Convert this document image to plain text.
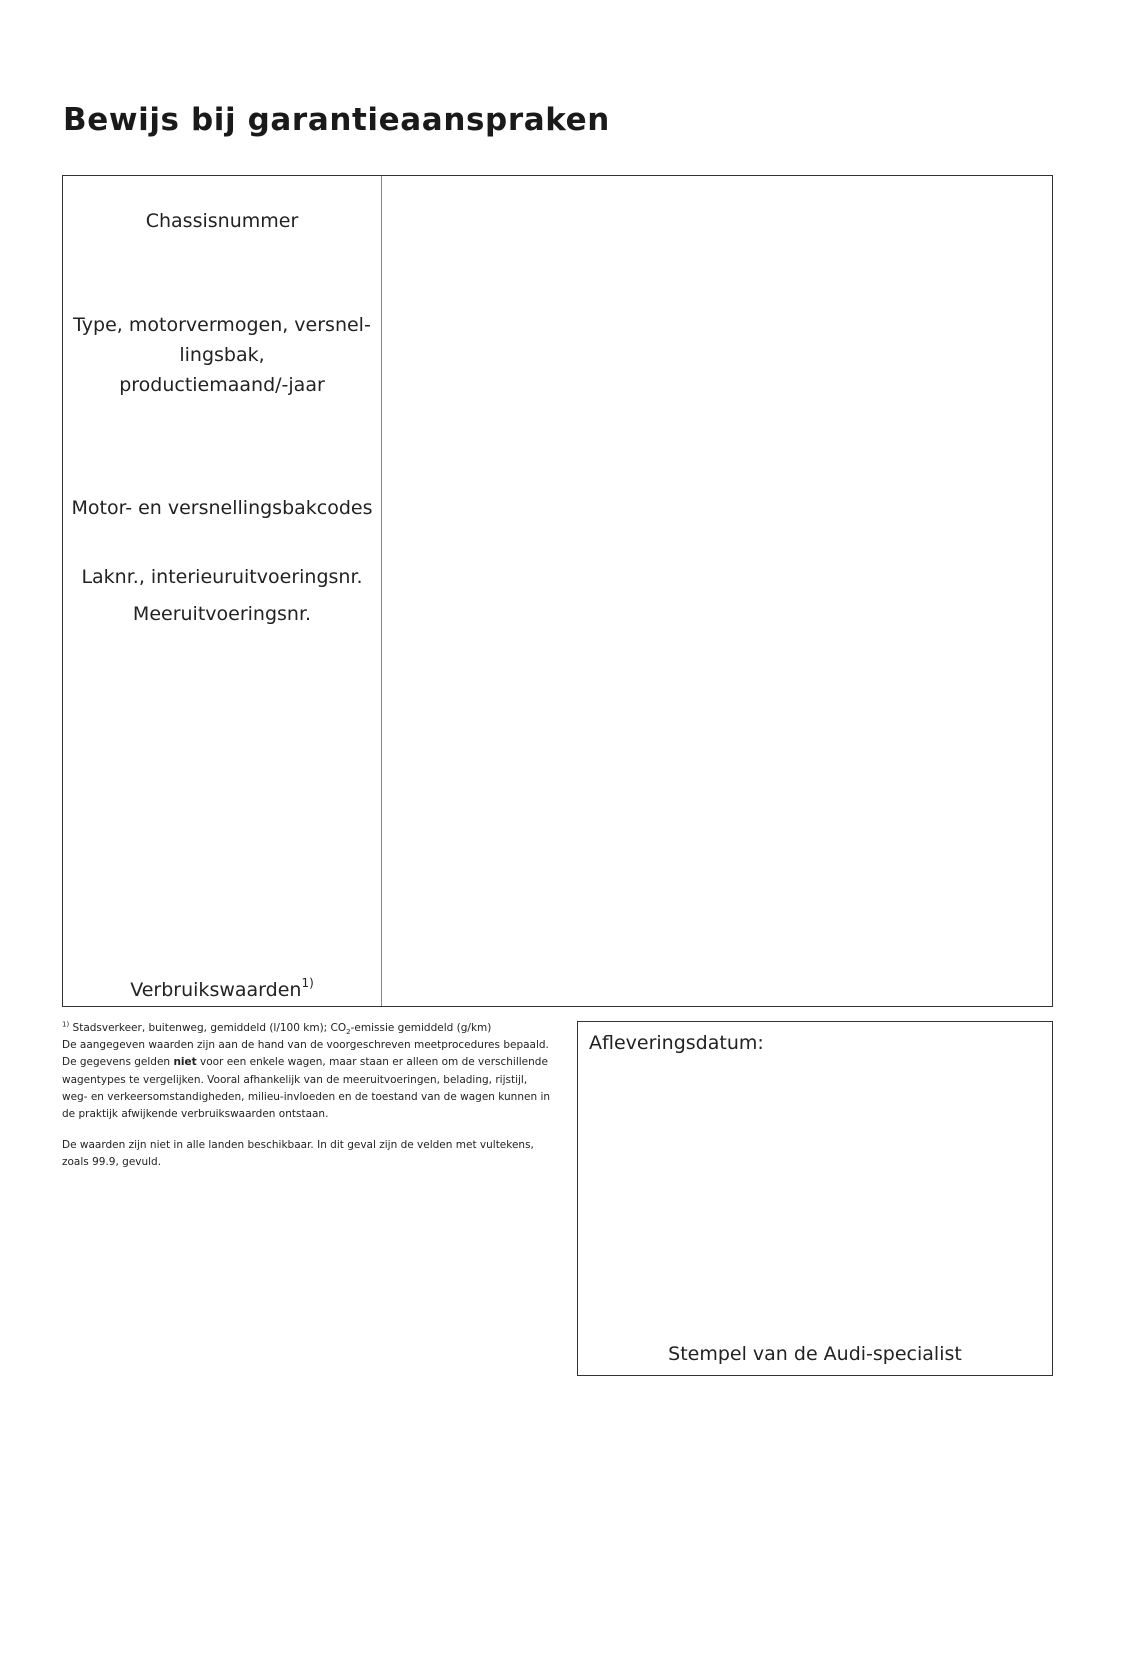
Bewijs bij garantieaanspraken

Chassisnummer

Type, motorvermogen, versnel-
lingsbak,
productiemaand/-jaar

Motor- en versnellingsbakcodes

Laknr., interieuruitvoeringsnr.

Meeruitvoeringsnr.

Verbruikswaarden$^{1)}$

$^{1)}$ Stadsverkeer, buitenweg, gemiddeld (l/100 km); $CO_2$-emissie gemiddeld (g/km)
De aangegeven waarden zijn aan de hand van de voorgeschreven meetprocedures bepaald. De gegevens gelden niet voor een enkele wagen, maar staan er alleen om de verschillende wagentypes te vergelijken. Vooral afhankelijk van de meeruitvoeringen, belading, rijstijl, weg- en verkeersomstandigheden, milieu-invloeden en de toestand van de wagen kunnen in de praktijk afwijkende verbruikswaarden ontstaan.

De waarden zijn niet in alle landen beschikbaar. In dit geval zijn de velden met vultekens, zoals 99.9, gevuld.

Afleveringsdatum:

Stempel van de Audi-specialist
